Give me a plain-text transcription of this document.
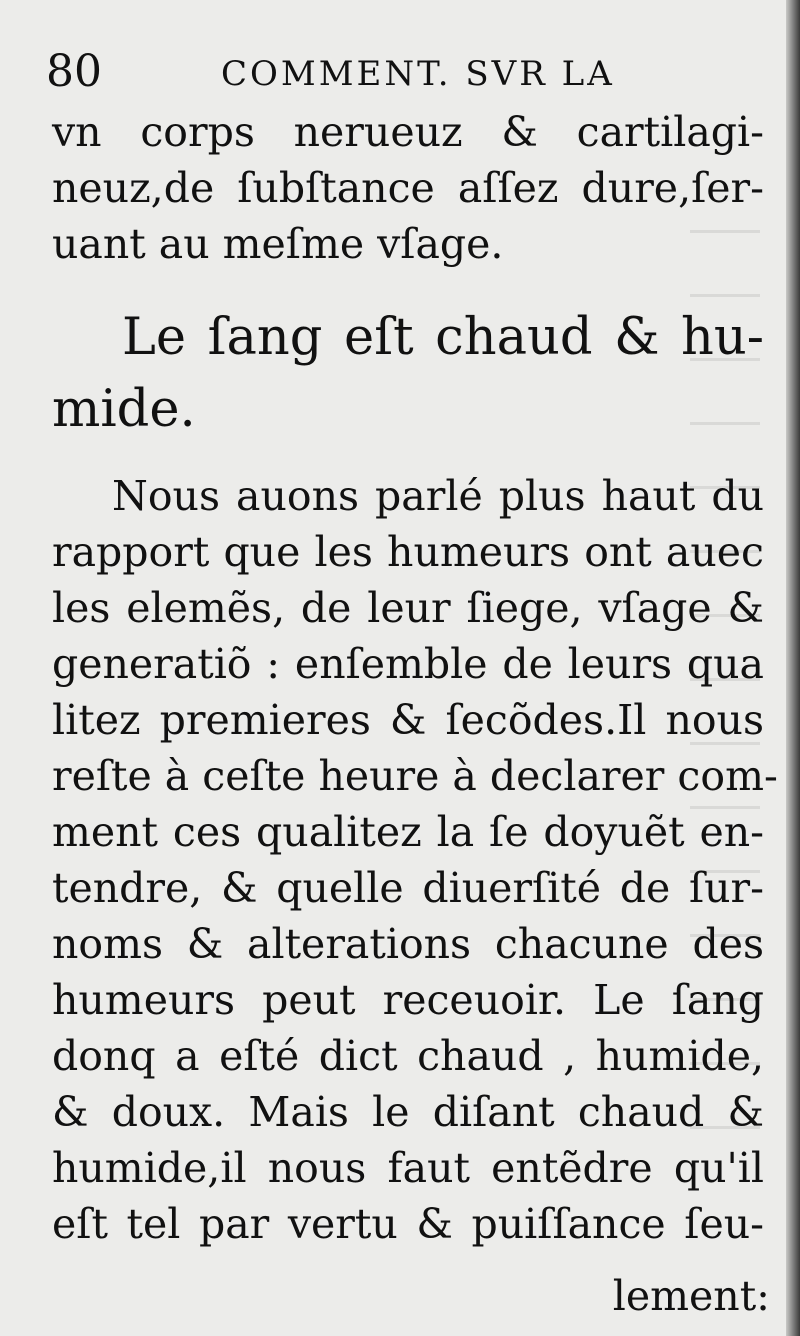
80	COMMENT. SVR LA
vn corps nerueuz & cartilagi-
neuz,de ſubſtance aſſez dure,ſer-
uant au meſme vſage.
Le ſang eſt chaud & hu-
mide.
Nous auons parlé plus haut du
rapport que les humeurs ont auec
les elemẽs, de leur ſiege, vſage &
generatiõ : enſemble de leurs qua
litez premieres & ſecõdes.Il nous
reſte à ceſte heure à declarer com-
ment ces qualitez la ſe doyuẽt en-
tendre, & quelle diuerſité de ſur-
noms & alterations chacune des
humeurs peut receuoir. Le ſang
donq a eſté dict chaud , humide,
& doux. Mais le diſant chaud &
humide,il nous faut entẽdre qu'il
eſt tel par vertu & puiſſance ſeu-
lement:
